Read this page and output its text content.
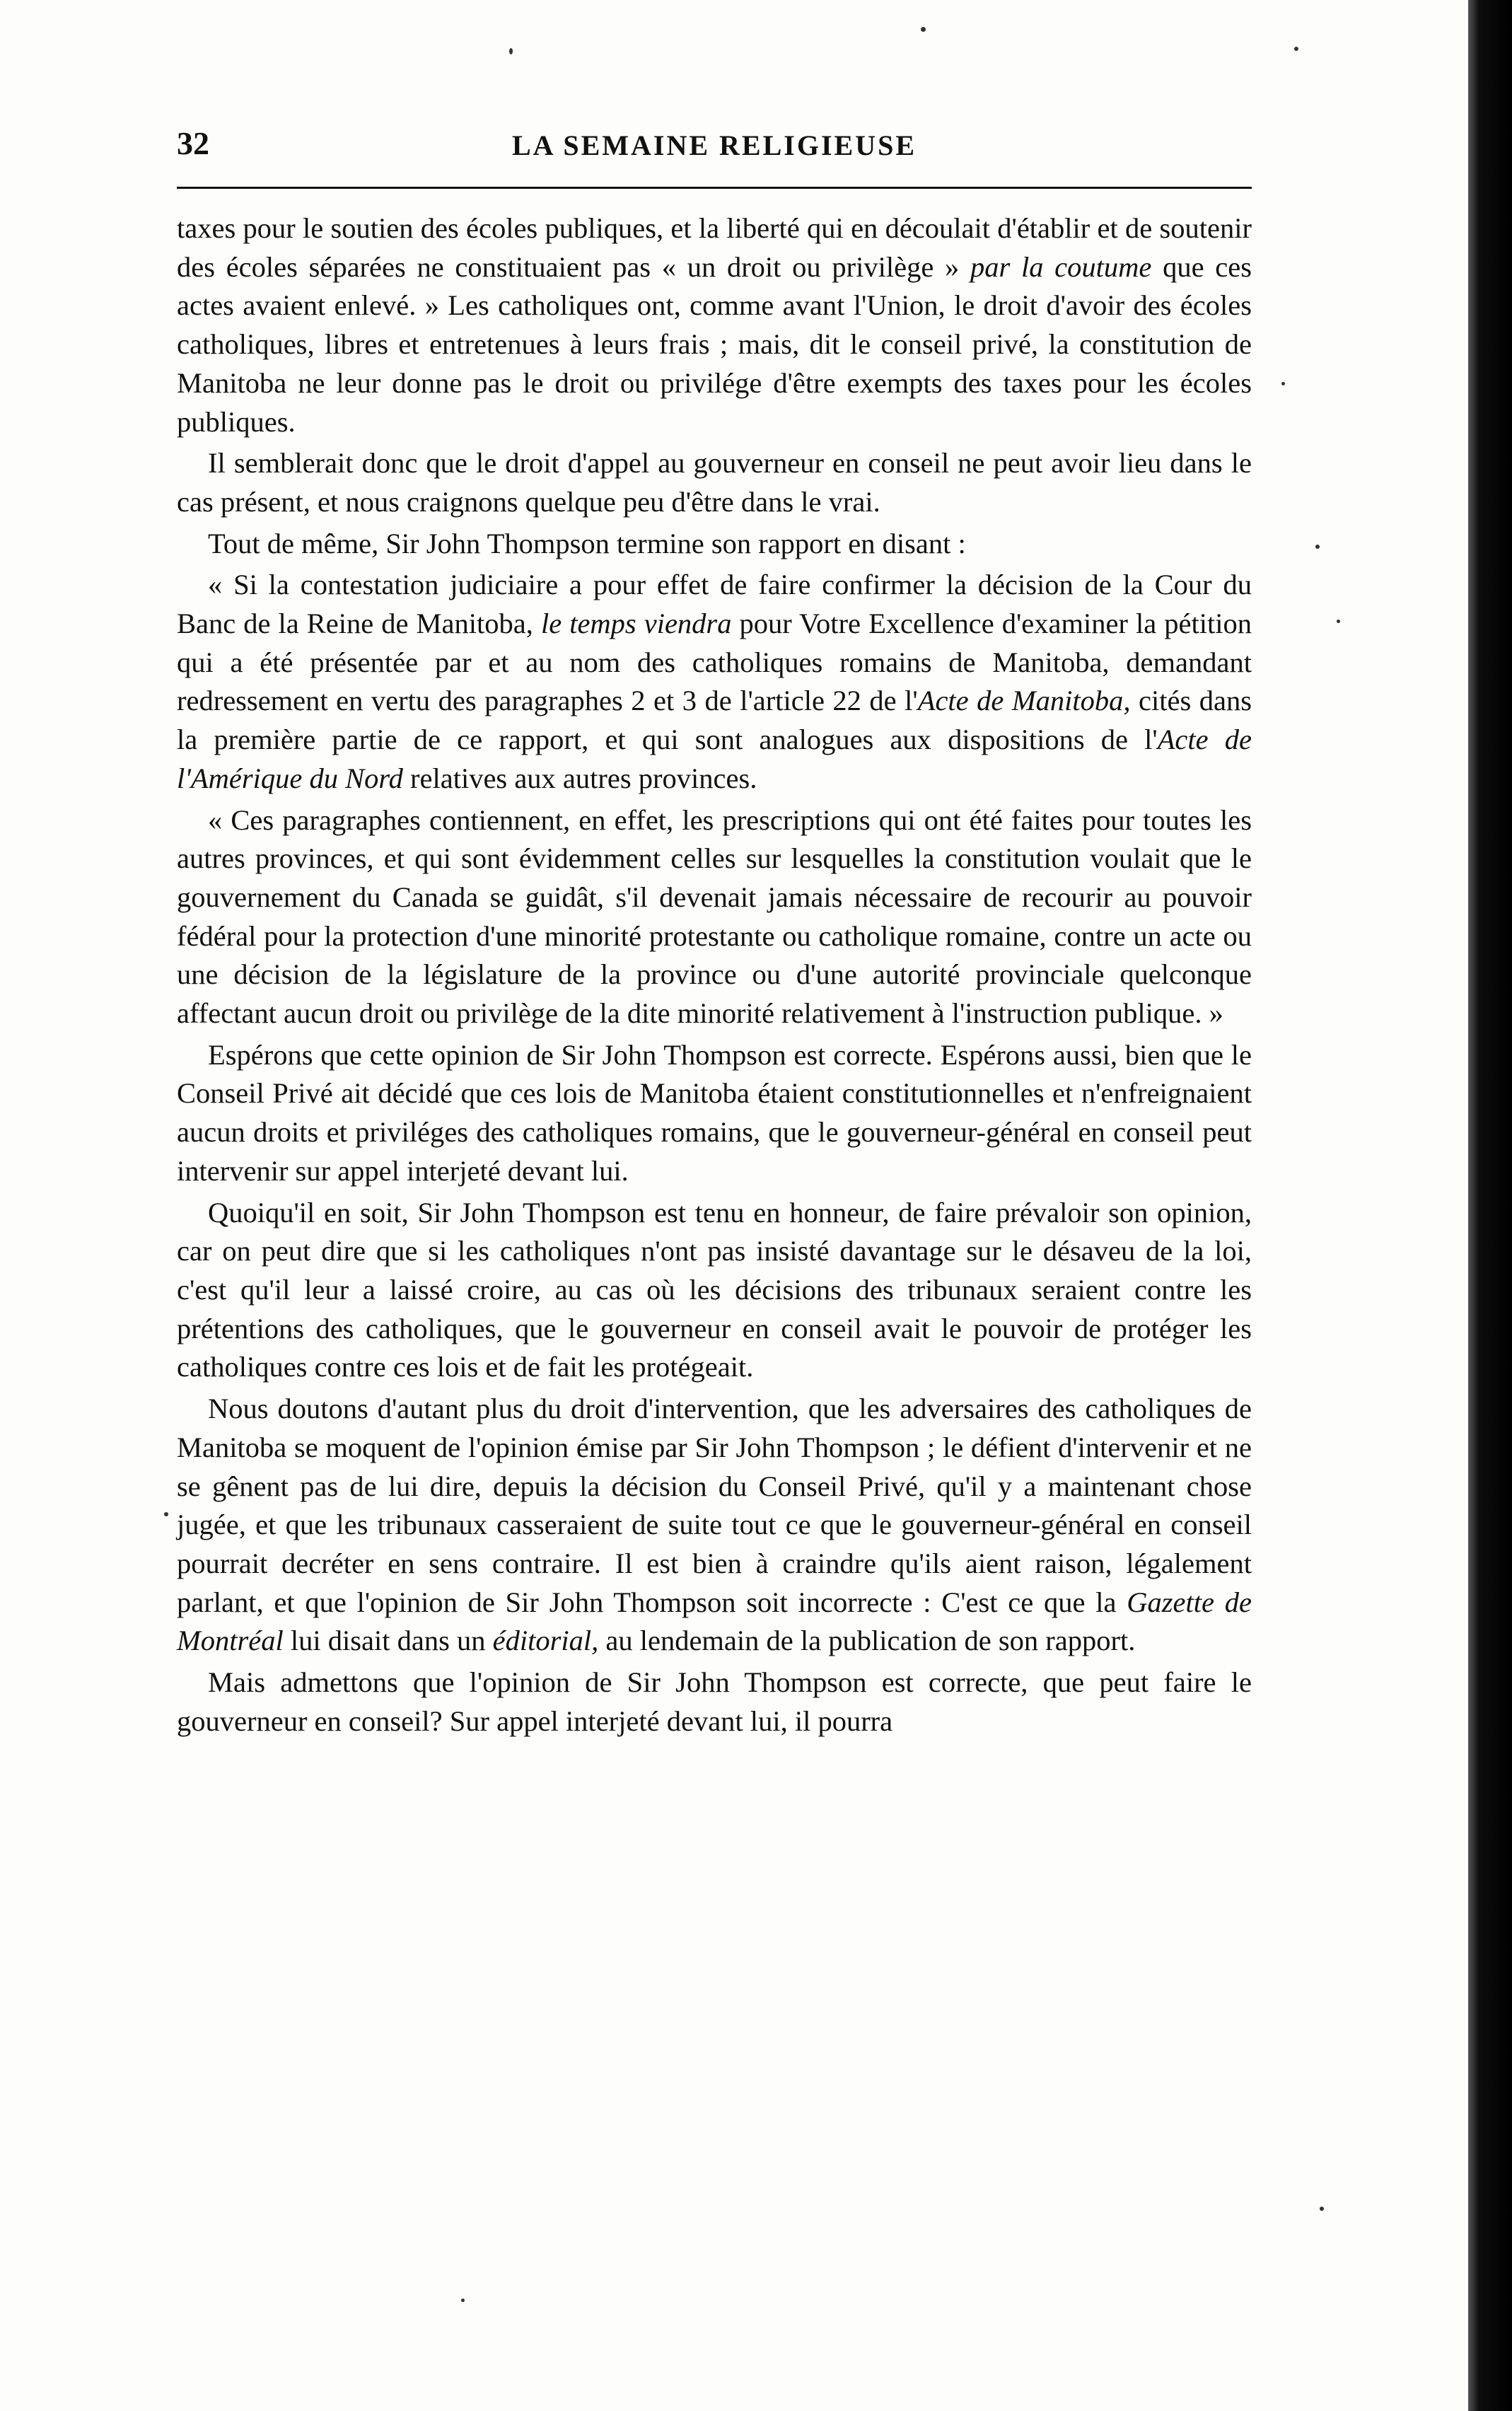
32	LA SEMAINE RELIGIEUSE

taxes pour le soutien des écoles publiques, et la liberté qui en découlait d'établir et de soutenir des écoles séparées ne constituaient pas « un droit ou privilège » par la coutume que ces actes avaient enlevé. » Les catholiques ont, comme avant l'Union, le droit d'avoir des écoles catholiques, libres et entretenues à leurs frais ; mais, dit le conseil privé, la constitution de Manitoba ne leur donne pas le droit ou privilége d'être exempts des taxes pour les écoles publiques.

Il semblerait donc que le droit d'appel au gouverneur en conseil ne peut avoir lieu dans le cas présent, et nous craignons quelque peu d'être dans le vrai.

Tout de même, Sir John Thompson termine son rapport en disant :

« Si la contestation judiciaire a pour effet de faire confirmer la décision de la Cour du Banc de la Reine de Manitoba, le temps viendra pour Votre Excellence d'examiner la pétition qui a été présentée par et au nom des catholiques romains de Manitoba, demandant redressement en vertu des paragraphes 2 et 3 de l'article 22 de l'Acte de Manitoba, cités dans la première partie de ce rapport, et qui sont analogues aux dispositions de l'Acte de l'Amérique du Nord relatives aux autres provinces.

« Ces paragraphes contiennent, en effet, les prescriptions qui ont été faites pour toutes les autres provinces, et qui sont évidemment celles sur lesquelles la constitution voulait que le gouvernement du Canada se guidât, s'il devenait jamais nécessaire de recourir au pouvoir fédéral pour la protection d'une minorité protestante ou catholique romaine, contre un acte ou une décision de la législature de la province ou d'une autorité provinciale quelconque affectant aucun droit ou privilège de la dite minorité relativement à l'instruction publique. »

Espérons que cette opinion de Sir John Thompson est correcte. Espérons aussi, bien que le Conseil Privé ait décidé que ces lois de Manitoba étaient constitutionnelles et n'enfreignaient aucun droits et priviléges des catholiques romains, que le gouverneur-général en conseil peut intervenir sur appel interjeté devant lui.

Quoiqu'il en soit, Sir John Thompson est tenu en honneur, de faire prévaloir son opinion, car on peut dire que si les catholiques n'ont pas insisté davantage sur le désaveu de la loi, c'est qu'il leur a laissé croire, au cas où les décisions des tribunaux seraient contre les prétentions des catholiques, que le gouverneur en conseil avait le pouvoir de protéger les catholiques contre ces lois et de fait les protégeait.

Nous doutons d'autant plus du droit d'intervention, que les adversaires des catholiques de Manitoba se moquent de l'opinion émise par Sir John Thompson ; le défient d'intervenir et ne se gênent pas de lui dire, depuis la décision du Conseil Privé, qu'il y a maintenant chose jugée, et que les tribunaux casseraient de suite tout ce que le gouverneur-général en conseil pourrait decréter en sens contraire. Il est bien à craindre qu'ils aient raison, légalement parlant, et que l'opinion de Sir John Thompson soit incorrecte : C'est ce que la Gazette de Montréal lui disait dans un éditorial, au lendemain de la publication de son rapport.

Mais admettons que l'opinion de Sir John Thompson est correcte, que peut faire le gouverneur en conseil? Sur appel interjeté devant lui, il pourra
